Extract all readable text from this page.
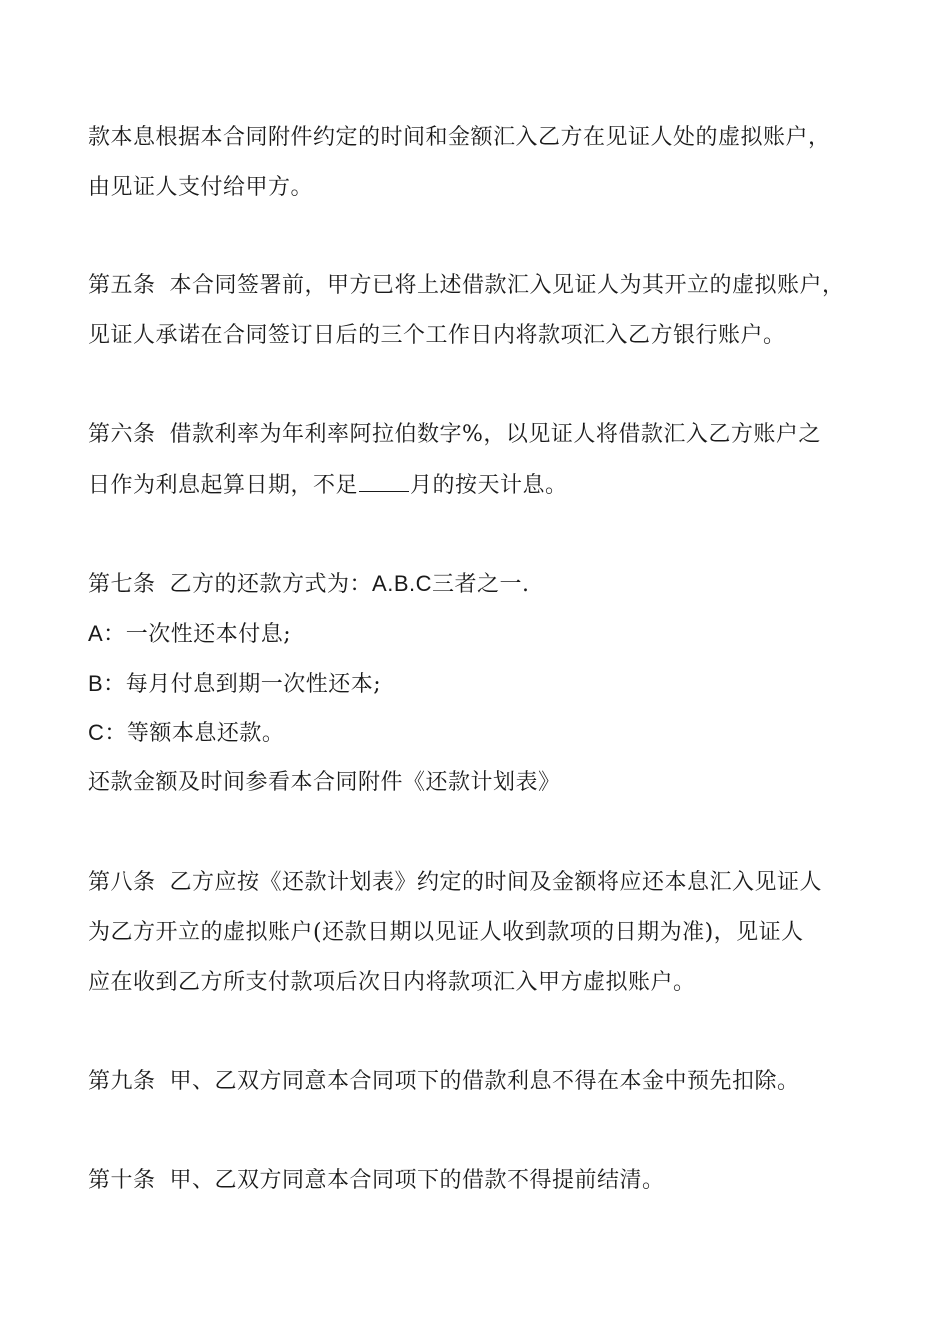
款本息根据本合同附件约定的时间和金额汇入乙方在见证人处的虚拟账户，

由见证人支付给甲方。

第五条 本合同签署前，甲方已将上述借款汇入见证人为其开立的虚拟账户，

见证人承诺在合同签订日后的三个工作日内将款项汇入乙方银行账户。

第六条 借款利率为年利率阿拉伯数字%，以见证人将借款汇入乙方账户之

日作为利息起算日期，不足 月的按天计息。

第七条 乙方的还款方式为：A.B.C三者之一.

A：一次性还本付息;

B：每月付息到期一次性还本;

C：等额本息还款。

还款金额及时间参看本合同附件《还款计划表》

第八条 乙方应按《还款计划表》约定的时间及金额将应还本息汇入见证人

为乙方开立的虚拟账户(还款日期以见证人收到款项的日期为准)，见证人

应在收到乙方所支付款项后次日内将款项汇入甲方虚拟账户。

第九条 甲、乙双方同意本合同项下的借款利息不得在本金中预先扣除。

第十条 甲、乙双方同意本合同项下的借款不得提前结清。
